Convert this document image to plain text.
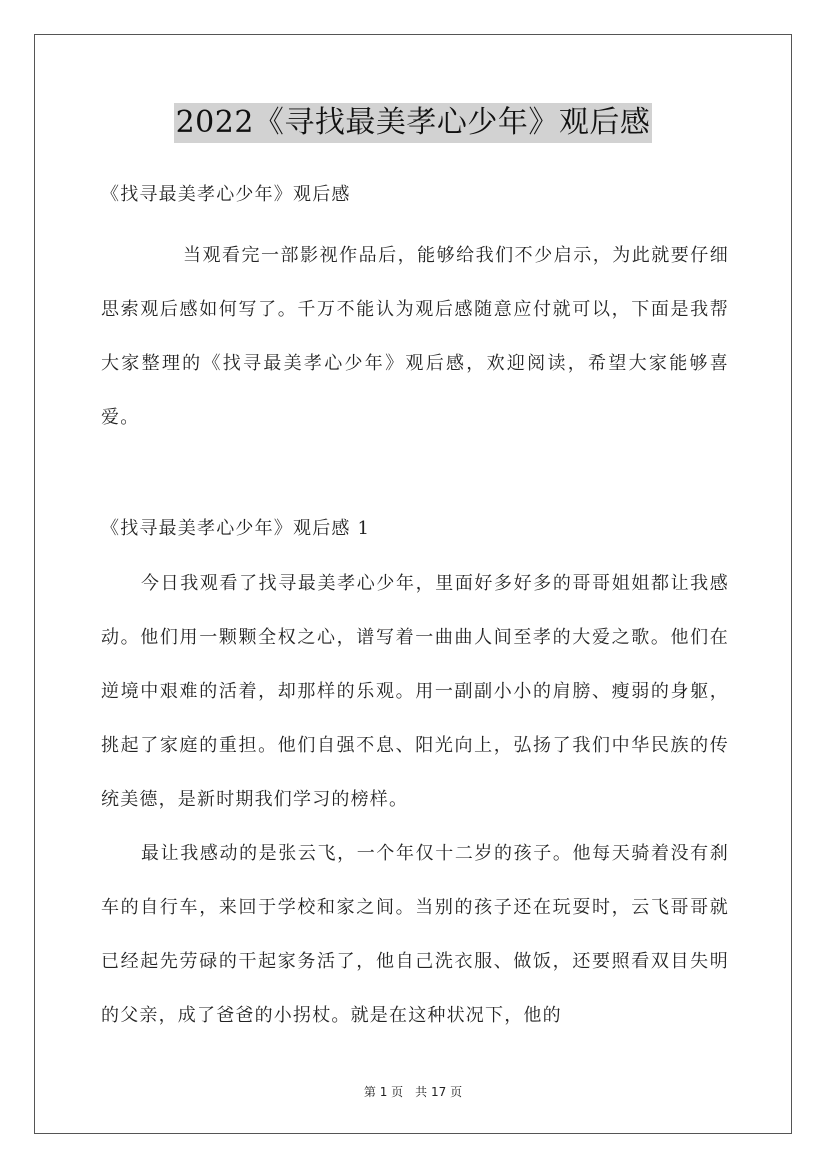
2022《寻找最美孝心少年》观后感

《找寻最美孝心少年》观后感

当观看完一部影视作品后，能够给我们不少启示，为此就要仔细思索观后感如何写了。千万不能认为观后感随意应付就可以，下面是我帮大家整理的《找寻最美孝心少年》观后感，欢迎阅读，希望大家能够喜爱。

《找寻最美孝心少年》观后感 1

今日我观看了找寻最美孝心少年，里面好多好多的哥哥姐姐都让我感动。他们用一颗颗全权之心，谱写着一曲曲人间至孝的大爱之歌。他们在逆境中艰难的活着，却那样的乐观。用一副副小小的肩膀、瘦弱的身躯，挑起了家庭的重担。他们自强不息、阳光向上，弘扬了我们中华民族的传统美德，是新时期我们学习的榜样。

最让我感动的是张云飞，一个年仅十二岁的孩子。他每天骑着没有刹车的自行车，来回于学校和家之间。当别的孩子还在玩耍时，云飞哥哥就已经起先劳碌的干起家务活了，他自己洗衣服、做饭，还要照看双目失明的父亲，成了爸爸的小拐杖。就是在这种状况下，他的

第 1 页　共 17 页
